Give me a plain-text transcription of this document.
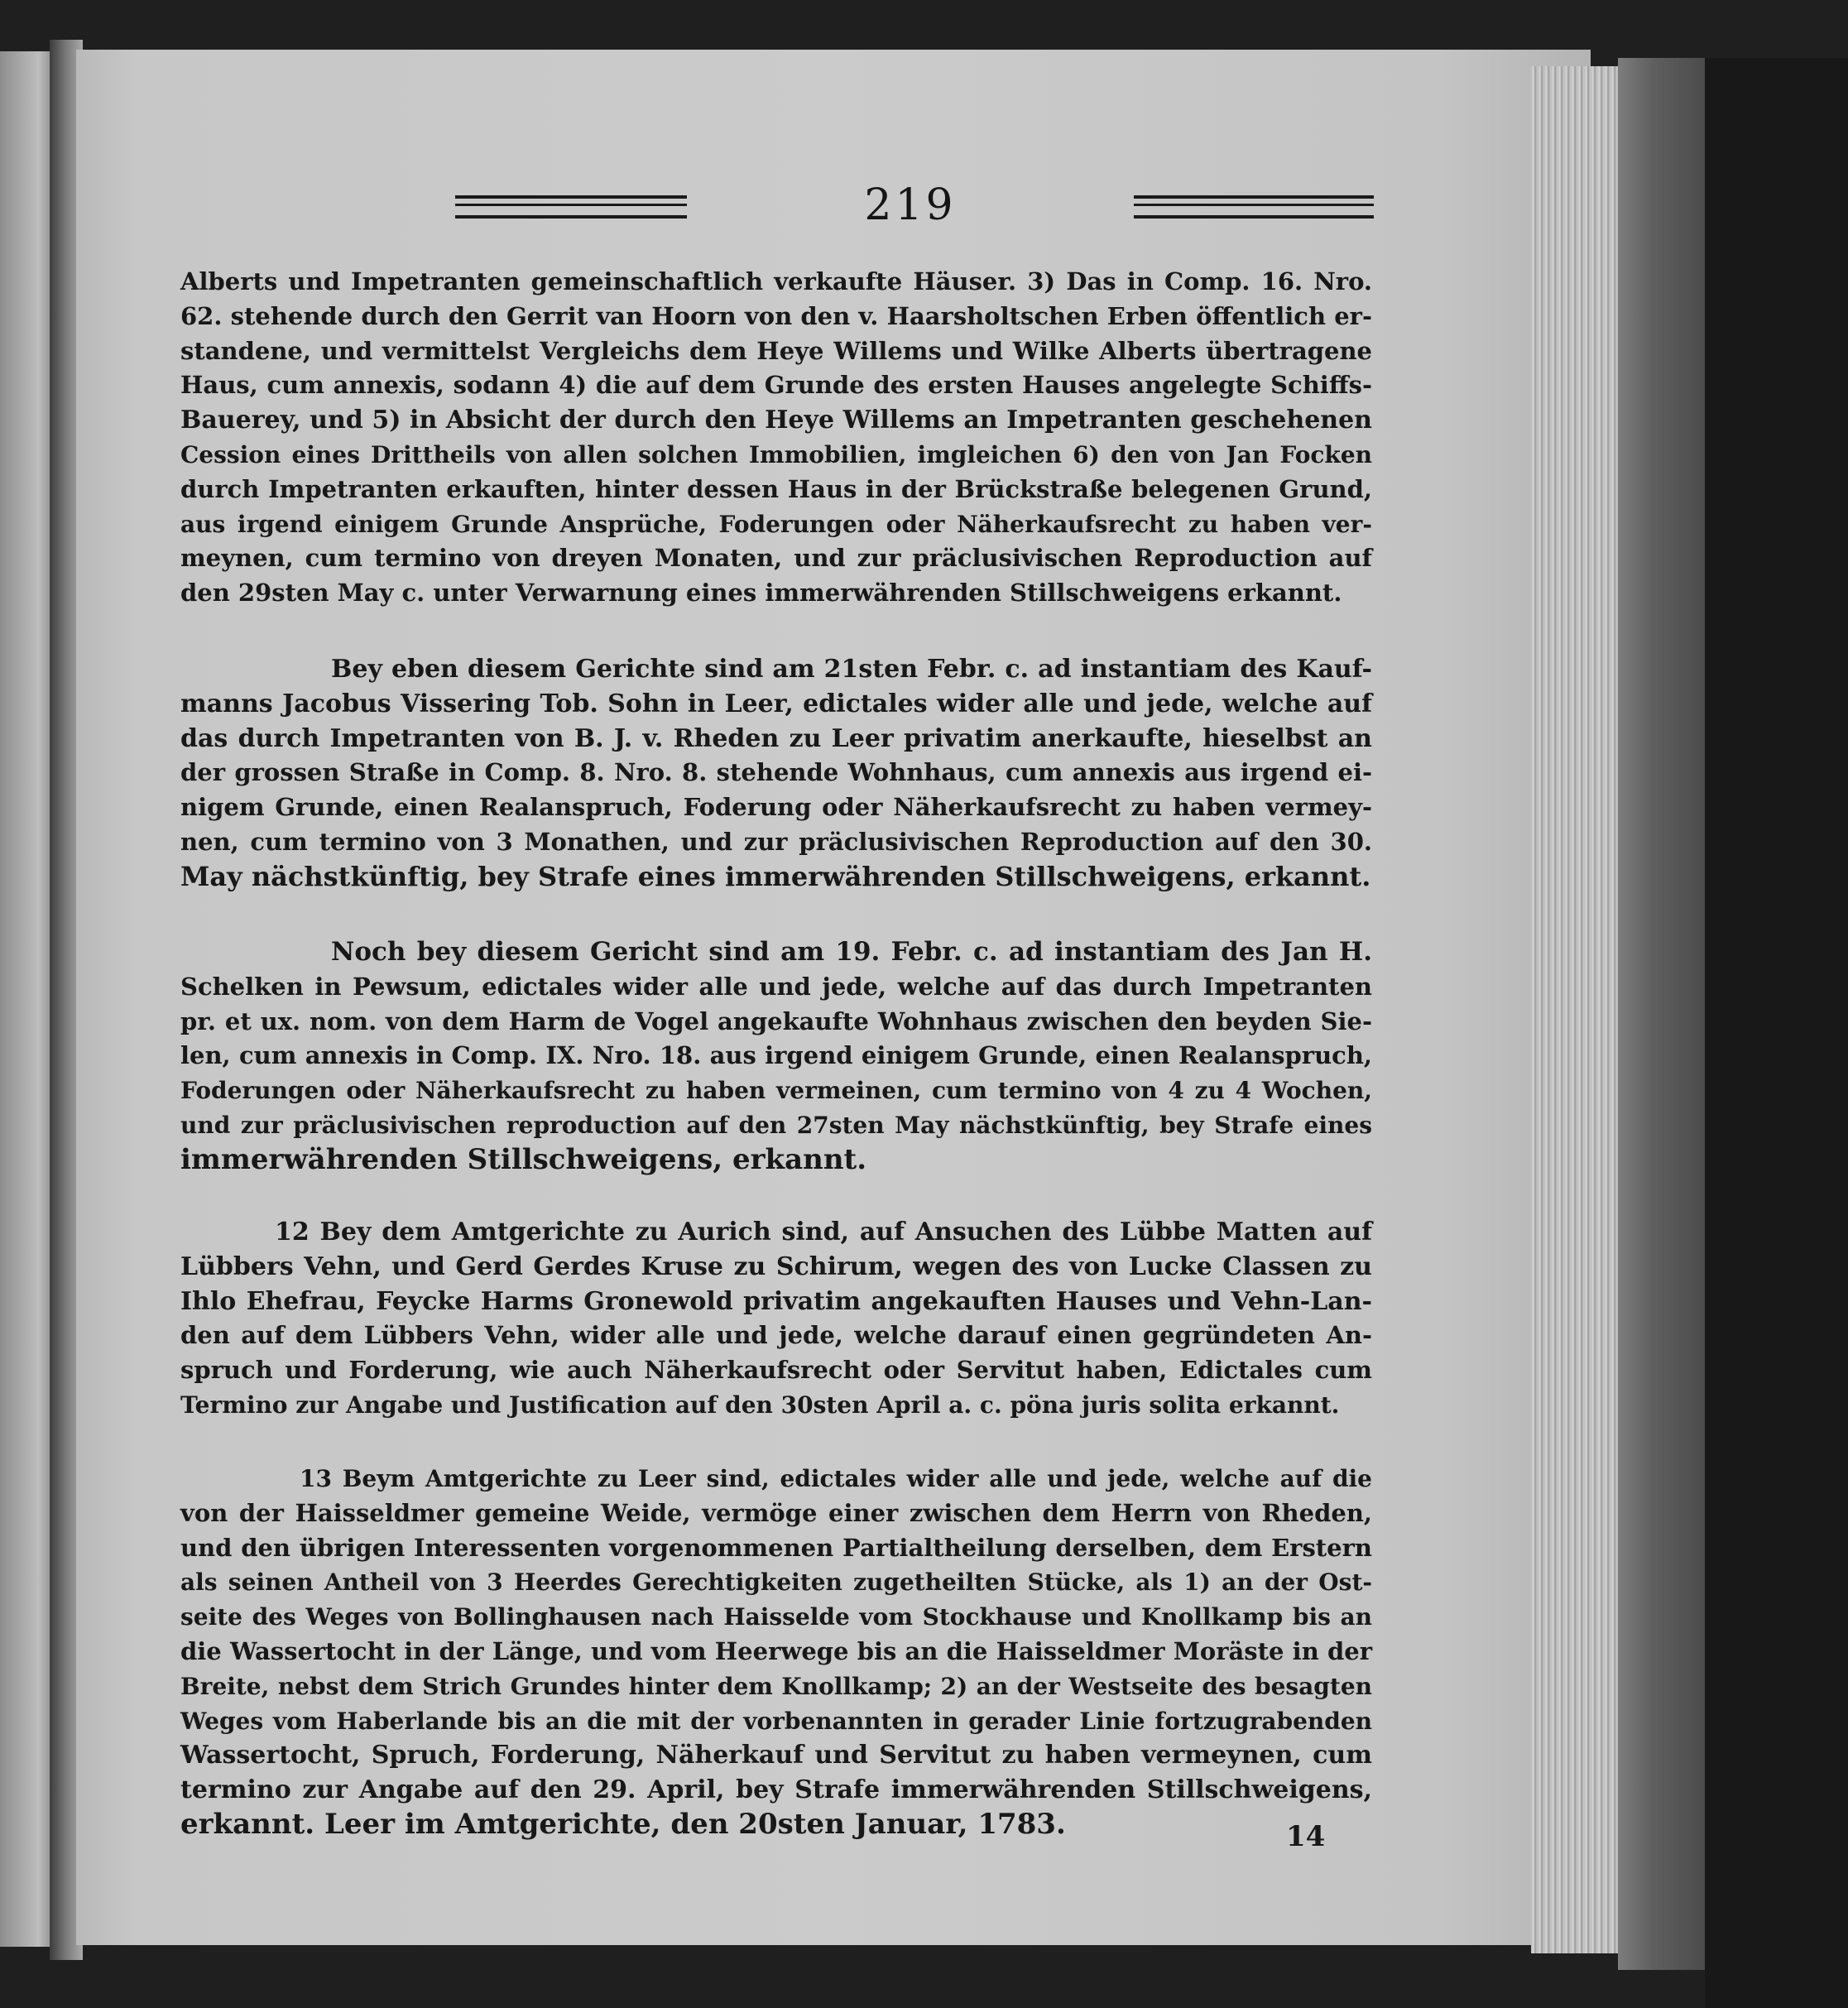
219
Alberts und Impetranten gemeinschaftlich verkaufte Häuser. 3) Das in Comp. 16. Nro.
62. stehende durch den Gerrit van Hoorn von den v. Haarsholtschen Erben öffentlich er-
standene, und vermittelst Vergleichs dem Heye Willems und Wilke Alberts übertragene
Haus, cum annexis, sodann 4) die auf dem Grunde des ersten Hauses angelegte Schiffs-
Bauerey, und 5) in Absicht der durch den Heye Willems an Impetranten geschehenen
Cession eines Drittheils von allen solchen Immobilien, imgleichen 6) den von Jan Focken
durch Impetranten erkauften, hinter dessen Haus in der Brückstraße belegenen Grund,
aus irgend einigem Grunde Ansprüche, Foderungen oder Näherkaufsrecht zu haben ver-
meynen, cum termino von dreyen Monaten, und zur präclusivischen Reproduction auf
den 29sten May c. unter Verwarnung eines immerwährenden Stillschweigens erkannt.
Bey eben diesem Gerichte sind am 21sten Febr. c. ad instantiam des Kauf-
manns Jacobus Vissering Tob. Sohn in Leer, edictales wider alle und jede, welche auf
das durch Impetranten von B. J. v. Rheden zu Leer privatim anerkaufte, hieselbst an
der grossen Straße in Comp. 8. Nro. 8. stehende Wohnhaus, cum annexis aus irgend ei-
nigem Grunde, einen Realanspruch, Foderung oder Näherkaufsrecht zu haben vermey-
nen, cum termino von 3 Monathen, und zur präclusivischen Reproduction auf den 30.
May nächstkünftig, bey Strafe eines immerwährenden Stillschweigens, erkannt.
Noch bey diesem Gericht sind am 19. Febr. c. ad instantiam des Jan H.
Schelken in Pewsum, edictales wider alle und jede, welche auf das durch Impetranten
pr. et ux. nom. von dem Harm de Vogel angekaufte Wohnhaus zwischen den beyden Sie-
len, cum annexis in Comp. IX. Nro. 18. aus irgend einigem Grunde, einen Realanspruch,
Foderungen oder Näherkaufsrecht zu haben vermeinen, cum termino von 4 zu 4 Wochen,
und zur präclusivischen reproduction auf den 27sten May nächstkünftig, bey Strafe eines
immerwährenden Stillschweigens, erkannt.
12 Bey dem Amtgerichte zu Aurich sind, auf Ansuchen des Lübbe Matten auf
Lübbers Vehn, und Gerd Gerdes Kruse zu Schirum, wegen des von Lucke Classen zu
Ihlo Ehefrau, Feycke Harms Gronewold privatim angekauften Hauses und Vehn-Lan-
den auf dem Lübbers Vehn, wider alle und jede, welche darauf einen gegründeten An-
spruch und Forderung, wie auch Näherkaufsrecht oder Servitut haben, Edictales cum
Termino zur Angabe und Justification auf den 30sten April a. c. pöna juris solita erkannt.
13 Beym Amtgerichte zu Leer sind, edictales wider alle und jede, welche auf die
von der Haisseldmer gemeine Weide, vermöge einer zwischen dem Herrn von Rheden,
und den übrigen Interessenten vorgenommenen Partialtheilung derselben, dem Erstern
als seinen Antheil von 3 Heerdes Gerechtigkeiten zugetheilten Stücke, als 1) an der Ost-
seite des Weges von Bollinghausen nach Haisselde vom Stockhause und Knollkamp bis an
die Wassertocht in der Länge, und vom Heerwege bis an die Haisseldmer Moräste in der
Breite, nebst dem Strich Grundes hinter dem Knollkamp; 2) an der Westseite des besagten
Weges vom Haberlande bis an die mit der vorbenannten in gerader Linie fortzugrabenden
Wassertocht, Spruch, Forderung, Näherkauf und Servitut zu haben vermeynen, cum
termino zur Angabe auf den 29. April, bey Strafe immerwährenden Stillschweigens,
erkannt. Leer im Amtgerichte, den 20sten Januar, 1783.	14
